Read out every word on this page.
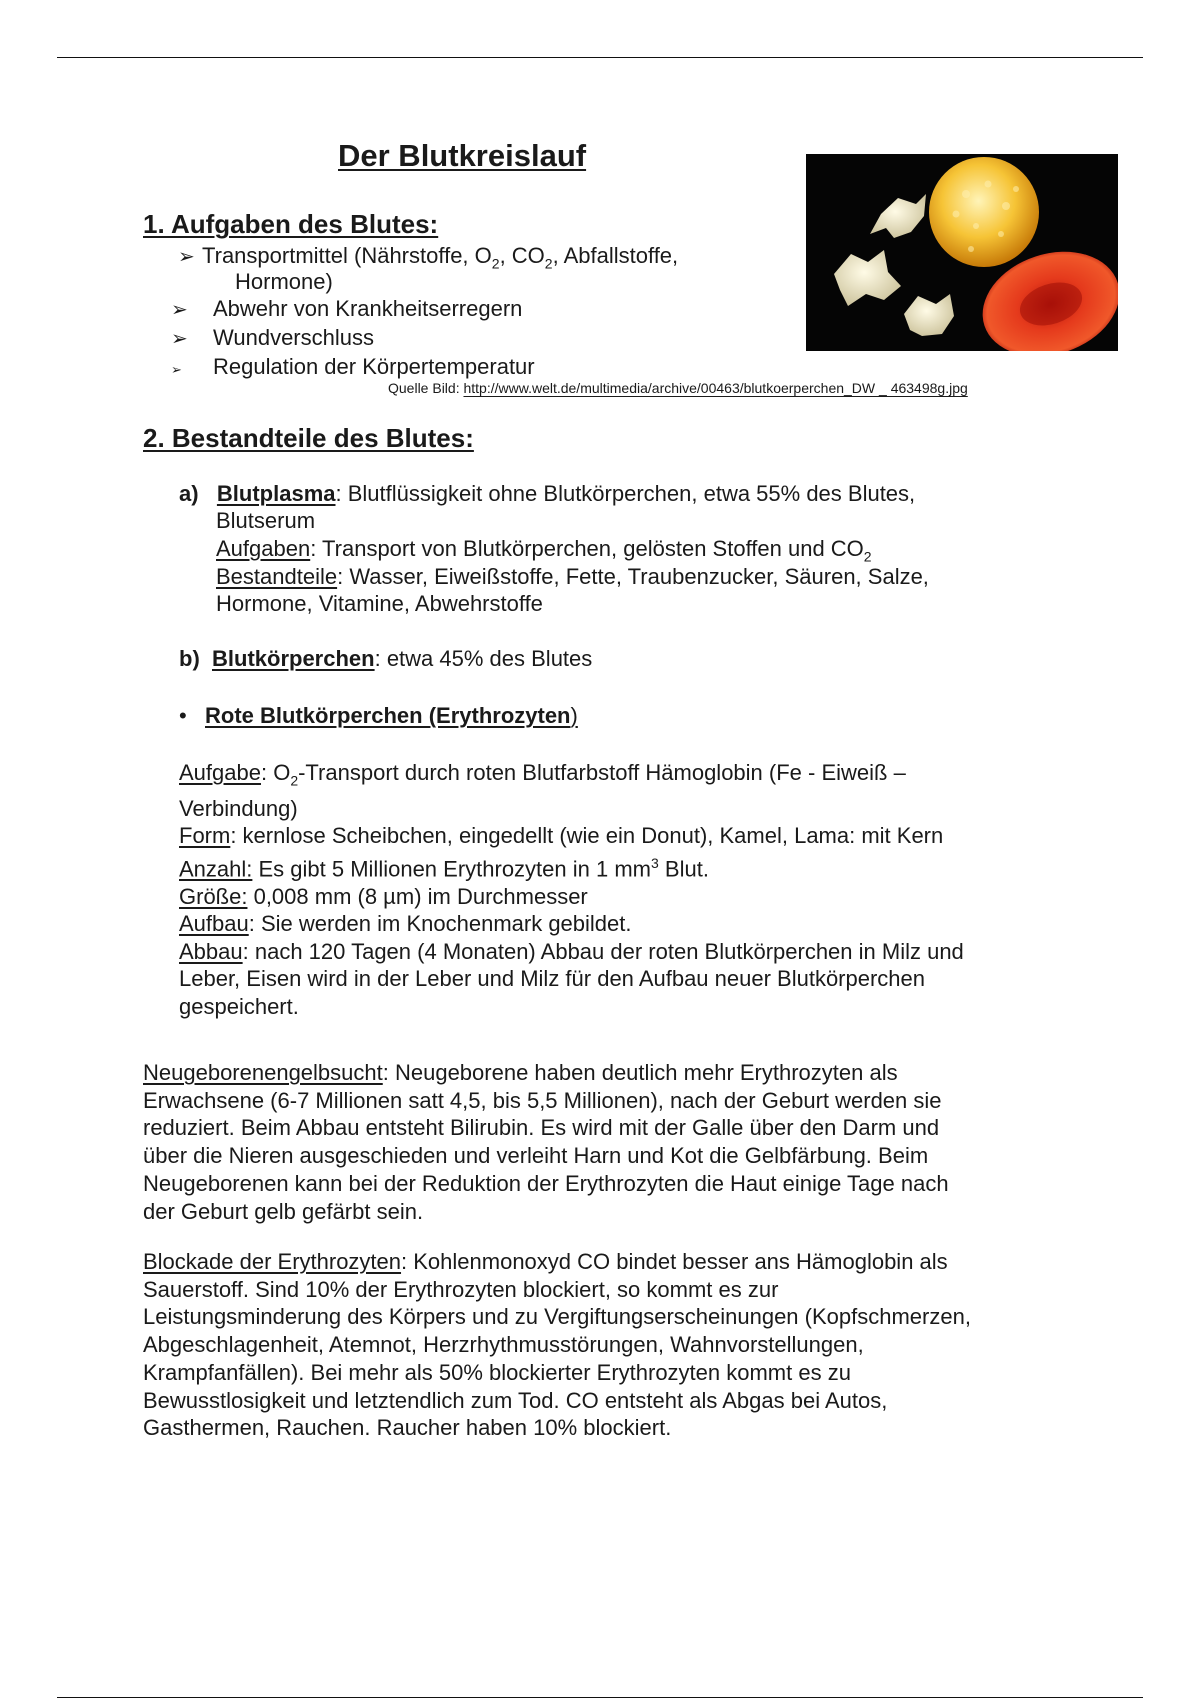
Der Blutkreislauf
1. Aufgaben des Blutes:
➢ Transportmittel (Nährstoffe, $O_2$, $CO_2$, Abfallstoffe,
Hormone)
➢ Abwehr von Krankheitserregern
➢ Wundverschluss
➢ Regulation der Körpertemperatur
Quelle Bild: http://www.welt.de/multimedia/archive/00463/blutkoerperchen_DW _ 463498g.jpg
2. Bestandteile des Blutes:
a) Blutplasma: Blutflüssigkeit ohne Blutkörperchen, etwa 55% des Blutes,
Blutserum
Aufgaben: Transport von Blutkörperchen, gelösten Stoffen und $CO_2$
Bestandteile: Wasser, Eiweißstoffe, Fette, Traubenzucker, Säuren, Salze,
Hormone, Vitamine, Abwehrstoffe
b) Blutkörperchen: etwa 45% des Blutes
• Rote Blutkörperchen (Erythrozyten)
Aufgabe: $O_2$-Transport durch roten Blutfarbstoff Hämoglobin (Fe - Eiweiß –
Verbindung)
Form: kernlose Scheibchen, eingedellt (wie ein Donut), Kamel, Lama: mit Kern
Anzahl: Es gibt 5 Millionen Erythrozyten in 1 $mm^3$ Blut.
Größe: 0,008 mm (8 µm) im Durchmesser
Aufbau: Sie werden im Knochenmark gebildet.
Abbau: nach 120 Tagen (4 Monaten) Abbau der roten Blutkörperchen in Milz und
Leber, Eisen wird in der Leber und Milz für den Aufbau neuer Blutkörperchen
gespeichert.
Neugeborenengelbsucht: Neugeborene haben deutlich mehr Erythrozyten als
Erwachsene (6-7 Millionen satt 4,5, bis 5,5 Millionen), nach der Geburt werden sie
reduziert. Beim Abbau entsteht Bilirubin. Es wird mit der Galle über den Darm und
über die Nieren ausgeschieden und verleiht Harn und Kot die Gelbfärbung. Beim
Neugeborenen kann bei der Reduktion der Erythrozyten die Haut einige Tage nach
der Geburt gelb gefärbt sein.
Blockade der Erythrozyten: Kohlenmonoxyd CO bindet besser ans Hämoglobin als
Sauerstoff. Sind 10% der Erythrozyten blockiert, so kommt es zur
Leistungsminderung des Körpers und zu Vergiftungserscheinungen (Kopfschmerzen,
Abgeschlagenheit, Atemnot, Herzrhythmusstörungen, Wahnvorstellungen,
Krampfanfällen). Bei mehr als 50% blockierter Erythrozyten kommt es zu
Bewusstlosigkeit und letztendlich zum Tod. CO entsteht als Abgas bei Autos,
Gasthermen, Rauchen. Raucher haben 10% blockiert.
